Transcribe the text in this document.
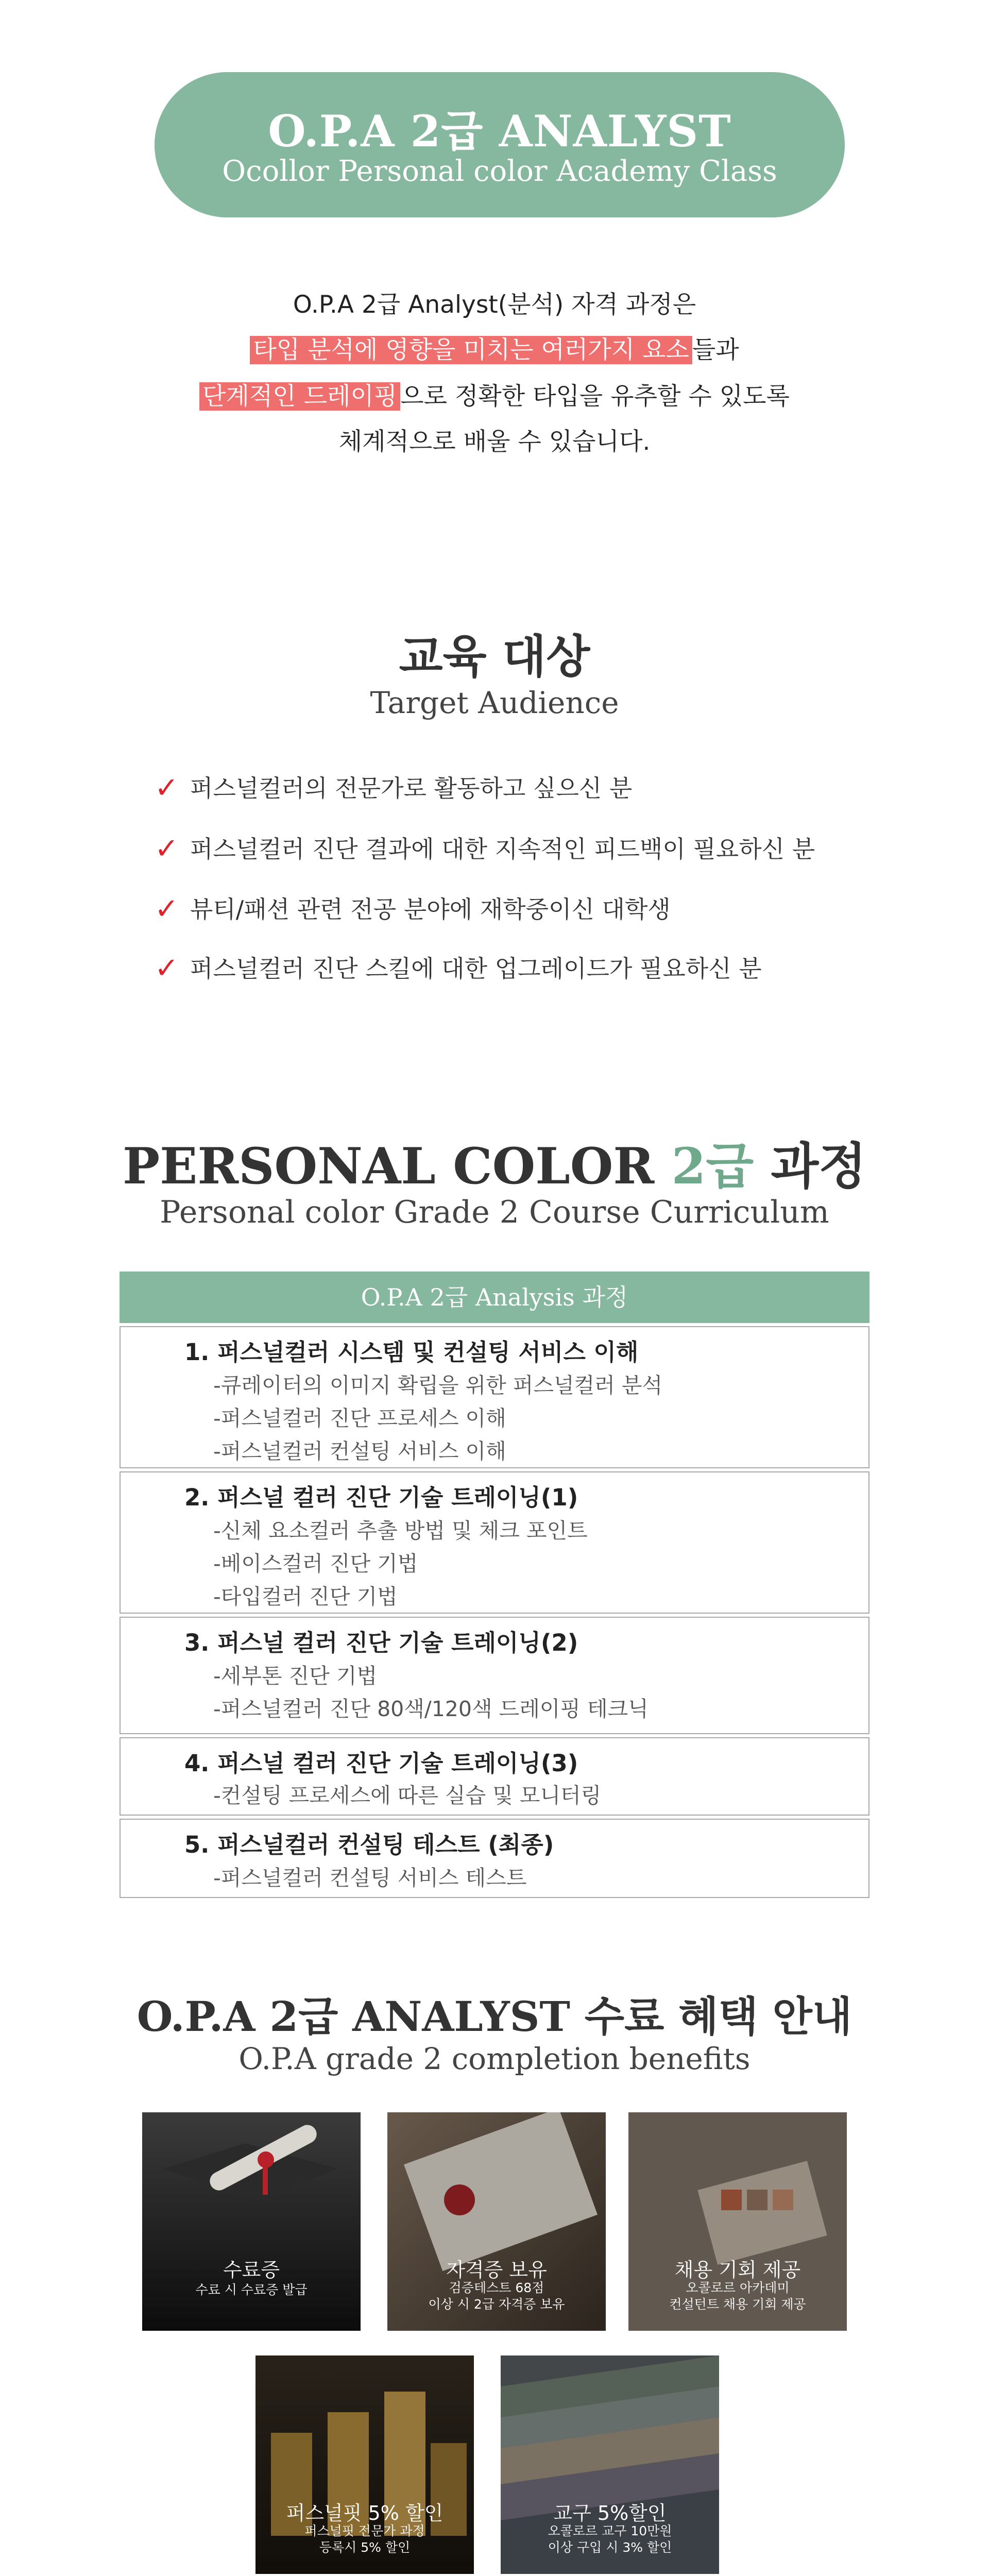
O.P.A 2급 ANALYST
Ocollor Personal color Academy Class
O.P.A 2급 Analyst(분석) 자격 과정은
타입 분석에 영향을 미치는 여러가지 요소 들과
단계적인 드레이핑 으로 정확한 타입을 유추할 수 있도록
체계적으로 배울 수 있습니다.
교육 대상
Target Audience
✓ 퍼스널컬러의 전문가로 활동하고 싶으신 분
✓ 퍼스널컬러 진단 결과에 대한 지속적인 피드백이 필요하신 분
✓ 뷰티/패션 관련 전공 분야에 재학중이신 대학생
✓ 퍼스널컬러 진단 스킬에 대한 업그레이드가 필요하신 분
PERSONAL COLOR 2급 과정
Personal color Grade 2 Course Curriculum
O.P.A 2급 Analysis 과정
1. 퍼스널컬러 시스템 및 컨설팅 서비스 이해
-큐레이터의 이미지 확립을 위한 퍼스널컬러 분석
-퍼스널컬러 진단 프로세스 이해
-퍼스널컬러 컨설팅 서비스 이해
2. 퍼스널 컬러 진단 기술 트레이닝(1)
-신체 요소컬러 추출 방법 및 체크 포인트
-베이스컬러 진단 기법
-타입컬러 진단 기법
3. 퍼스널 컬러 진단 기술 트레이닝(2)
-세부톤 진단 기법
-퍼스널컬러 진단 80색/120색 드레이핑 테크닉
4. 퍼스널 컬러 진단 기술 트레이닝(3)
-컨설팅 프로세스에 따른 실습 및 모니터링
5. 퍼스널컬러 컨설팅 테스트 (최종)
-퍼스널컬러 컨설팅 서비스 테스트
O.P.A 2급 ANALYST 수료 혜택 안내
O.P.A grade 2 completion benefits
수료증
수료 시 수료증 발급
자격증 보유
검증테스트 68점
이상 시 2급 자격증 보유
채용 기회 제공
오콜로르 아카데미
컨설턴트 채용 기회 제공
퍼스널핏 5% 할인
퍼스널핏 전문가 과정
등록시 5% 할인
교구 5%할인
오콜로르 교구 10만원
이상 구입 시 3% 할인
